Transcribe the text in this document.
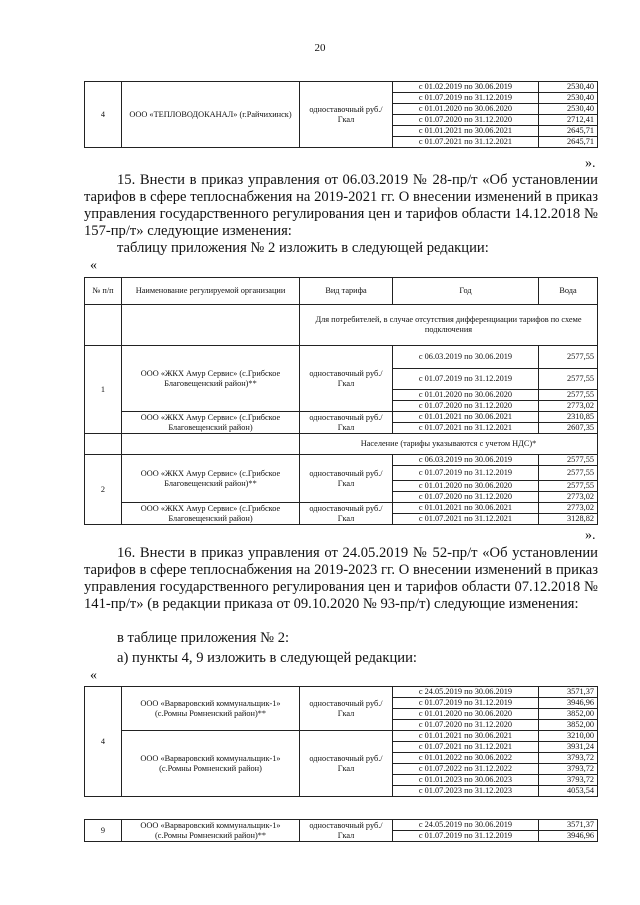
20
4	ООО «ТЕПЛОВОДОКАНАЛ» (г.Райчихинск)	одноставочный руб./Гкал	с 01.02.2019 по 30.06.2019	2530,40
			с 01.07.2019 по 31.12.2019	2530,40
			с 01.01.2020 по 30.06.2020	2530,40
			с 01.07.2020 по 31.12.2020	2712,41
			с 01.01.2021 по 30.06.2021	2645,71
			с 01.07.2021 по 31.12.2021	2645,71
».

15. Внести в приказ управления от 06.03.2019 № 28-пр/т «Об установлении тарифов в сфере теплоснабжения на 2019-2021 гг. О внесении изменений в приказ управления государственного регулирования цен и тарифов области 14.12.2018 № 157-пр/т» следующие изменения:

таблицу приложения № 2 изложить в следующей редакции:

«
№ п/п	Наименование регулируемой организации	Вид тарифа	Год	Вода
		Для потребителей, в случае отсутствия дифференциации тарифов по схеме подключения		
1	ООО «ЖКХ Амур Сервис» (с.Грибское Благовещенский район)**	одноставочный руб./Гкал	с 06.03.2019 по 30.06.2019	2577,55
			с 01.07.2019 по 31.12.2019	2577,55
			с 01.01.2020 по 30.06.2020	2577,55
			с 01.07.2020 по 31.12.2020	2773,02
	ООО «ЖКХ Амур Сервис» (с.Грибское Благовещенский район)	одноставочный руб./Гкал	с 01.01.2021 по 30.06.2021	2310,85
			с 01.07.2021 по 31.12.2021	2607,35
		Население (тарифы указываются с учетом НДС)*		
2	ООО «ЖКХ Амур Сервис» (с.Грибское Благовещенский район)**	одноставочный руб./Гкал	с 06.03.2019 по 30.06.2019	2577,55
			с 01.07.2019 по 31.12.2019	2577,55
			с 01.01.2020 по 30.06.2020	2577,55
			с 01.07.2020 по 31.12.2020	2773,02
	ООО «ЖКХ Амур Сервис» (с.Грибское Благовещенский район)	одноставочный руб./Гкал	с 01.01.2021 по 30.06.2021	2773,02
			с 01.07.2021 по 31.12.2021	3128,82
».

16. Внести в приказ управления от 24.05.2019 № 52-пр/т «Об установлении тарифов в сфере теплоснабжения на 2019-2023 гг. О внесении изменений в приказ управления государственного регулирования цен и тарифов области 07.12.2018 № 141-пр/т» (в редакции приказа от 09.10.2020 № 93-пр/т) следующие изменения:

в таблице приложения № 2:

а) пункты 4, 9 изложить в следующей редакции:

«
4	ООО «Варваровский коммунальщик-1» (с.Ромны Ромненский район)**	одноставочный руб./Гкал	с 24.05.2019 по 30.06.2019	3571,37
			с 01.07.2019 по 31.12.2019	3946,96
			с 01.01.2020 по 30.06.2020	3852,00
			с 01.07.2020 по 31.12.2020	3852,00
	ООО «Варваровский коммунальщик-1» (с.Ромны Ромненский район)	одноставочный руб./Гкал	с 01.01.2021 по 30.06.2021	3210,00
			с 01.07.2021 по 31.12.2021	3931,24
			с 01.01.2022 по 30.06.2022	3793,72
			с 01.07.2022 по 31.12.2022	3793,72
			с 01.01.2023 по 30.06.2023	3793,72
			с 01.07.2023 по 31.12.2023	4053,54
9	ООО «Варваровский коммунальщик-1» (с.Ромны Ромненский район)**	одноставочный руб./Гкал	с 24.05.2019 по 30.06.2019	3571,37
			с 01.07.2019 по 31.12.2019	3946,96
